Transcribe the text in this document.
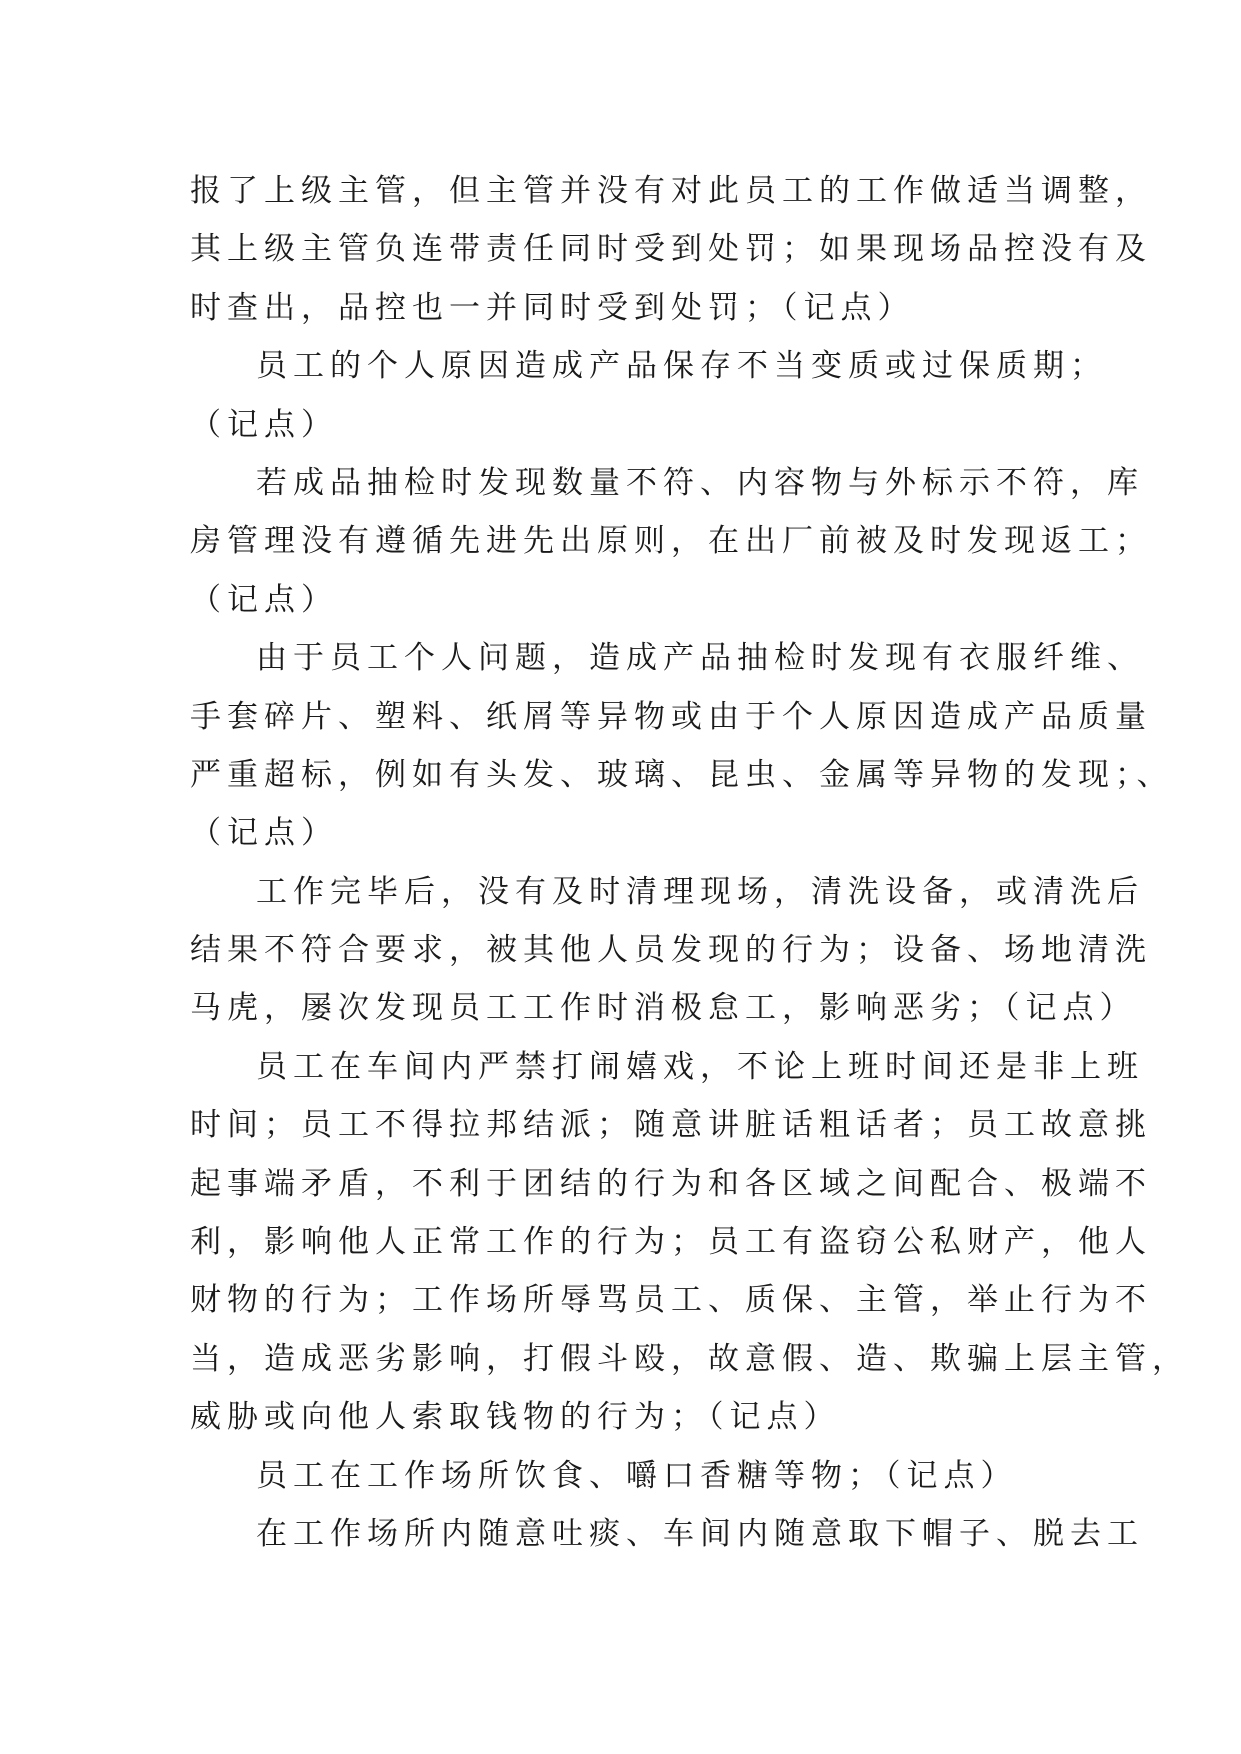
报了上级主管，但主管并没有对此员工的工作做适当调整，
其上级主管负连带责任同时受到处罚；如果现场品控没有及
时查出，品控也一并同时受到处罚；（记点）
员工的个人原因造成产品保存不当变质或过保质期；
（记点）
若成品抽检时发现数量不符、内容物与外标示不符，库
房管理没有遵循先进先出原则，在出厂前被及时发现返工；
（记点）
由于员工个人问题，造成产品抽检时发现有衣服纤维、
手套碎片、塑料、纸屑等异物或由于个人原因造成产品质量
严重超标，例如有头发、玻璃、昆虫、金属等异物的发现；、
（记点）
工作完毕后，没有及时清理现场，清洗设备，或清洗后
结果不符合要求，被其他人员发现的行为；设备、场地清洗
马虎，屡次发现员工工作时消极怠工，影响恶劣；（记点）
员工在车间内严禁打闹嬉戏，不论上班时间还是非上班
时间；员工不得拉邦结派；随意讲脏话粗话者；员工故意挑
起事端矛盾，不利于团结的行为和各区域之间配合、极端不
利，影响他人正常工作的行为；员工有盗窃公私财产，他人
财物的行为；工作场所辱骂员工、质保、主管，举止行为不
当，造成恶劣影响，打假斗殴，故意假、造、欺骗上层主管，
威胁或向他人索取钱物的行为；（记点）
员工在工作场所饮食、嚼口香糖等物；（记点）
在工作场所内随意吐痰、车间内随意取下帽子、脱去工
